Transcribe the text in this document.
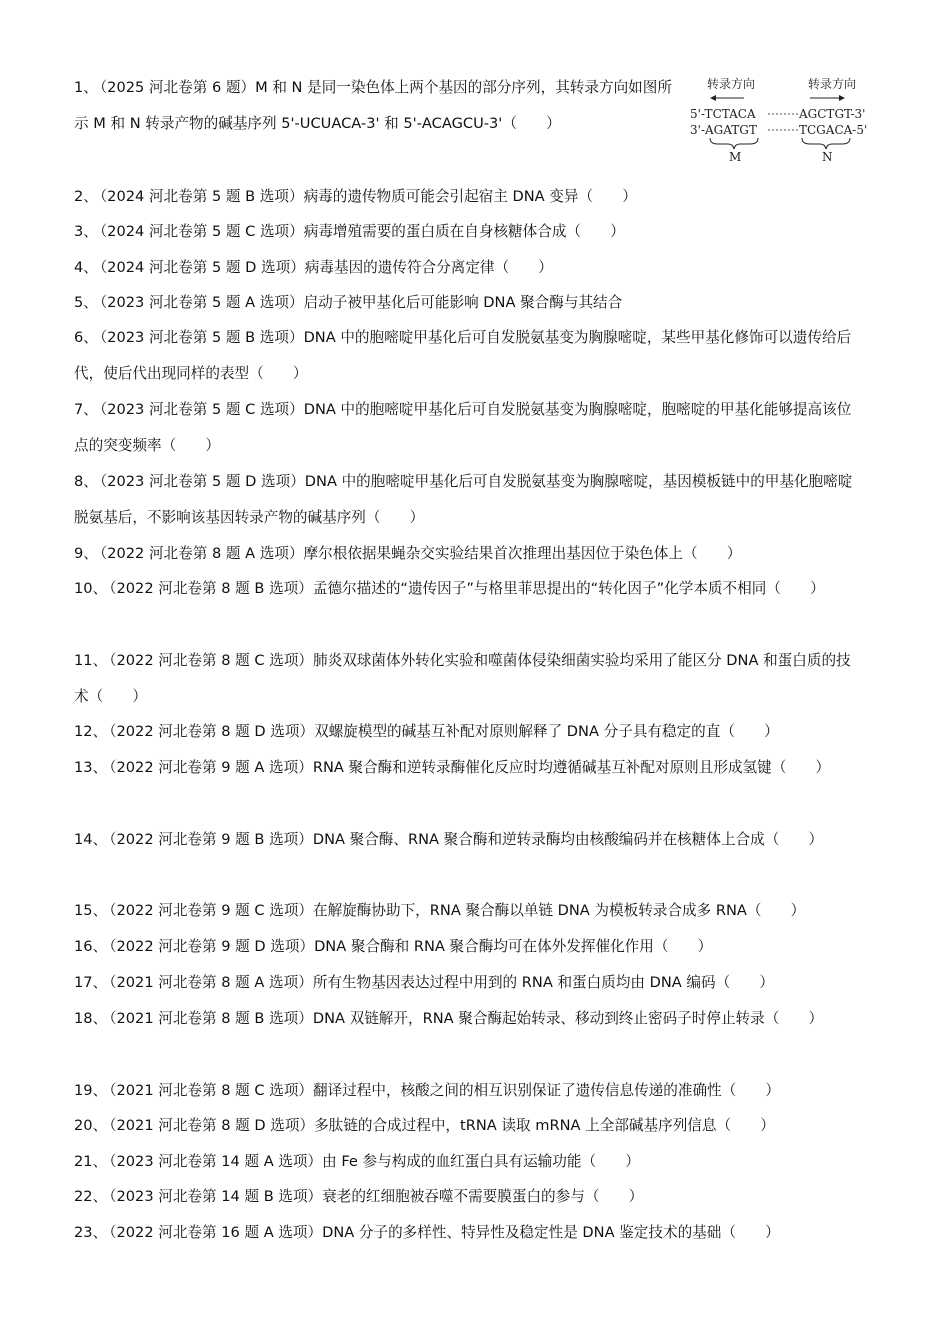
1、 （2025 河北卷第 6 题）M 和 N 是同一染色体上两个基因的部分序列，其转录方向如图所示 M 和 N 转录产物的碱基序列 5'-UCUACA-3' 和 5'-ACAGCU-3'（　　）
转录方向	转录方向
5'-TCTACA
3'-AGATGT
AGCTGT-3'
TCGACA-5'
M	N
2、 （2024 河北卷第 5 题 B 选项）病毒的遗传物质可能会引起宿主 DNA 变异（　　）
3、 （2024 河北卷第 5 题 C 选项）病毒增殖需要的蛋白质在自身核糖体合成（　　）
4、 （2024 河北卷第 5 题 D 选项）病毒基因的遗传符合分离定律（　　）
5、 （2023 河北卷第 5 题 A 选项）启动子被甲基化后可能影响 DNA 聚合酶与其结合
6、 （2023 河北卷第 5 题 B 选项）DNA 中的胞嘧啶甲基化后可自发脱氨基变为胸腺嘧啶，某些甲基化修饰可以遗传给后代，使后代出现同样的表型（　　）
7、 （2023 河北卷第 5 题 C 选项）DNA 中的胞嘧啶甲基化后可自发脱氨基变为胸腺嘧啶，胞嘧啶的甲基化能够提高该位点的突变频率（　　）
8、 （2023 河北卷第 5 题 D 选项）DNA 中的胞嘧啶甲基化后可自发脱氨基变为胸腺嘧啶，基因模板链中的甲基化胞嘧啶脱氨基后，不影响该基因转录产物的碱基序列（　　）
9、 （2022 河北卷第 8 题 A 选项）摩尔根依据果蝇杂交实验结果首次推理出基因位于染色体上（　　）
10、 （2022 河北卷第 8 题 B 选项）孟德尔描述的“遗传因子”与格里菲思提出的“转化因子”化学本质不相同（　　）
11、 （2022 河北卷第 8 题 C 选项）肺炎双球菌体外转化实验和噬菌体侵染细菌实验均采用了能区分 DNA 和蛋白质的技术（　　）
12、 （2022 河北卷第 8 题 D 选项）双螺旋模型的碱基互补配对原则解释了 DNA 分子具有稳定的直（　　）
13、 （2022 河北卷第 9 题 A 选项）RNA 聚合酶和逆转录酶催化反应时均遵循碱基互补配对原则且形成氢键（　　）
14、 （2022 河北卷第 9 题 B 选项）DNA 聚合酶、RNA 聚合酶和逆转录酶均由核酸编码并在核糖体上合成（　　）
15、 （2022 河北卷第 9 题 C 选项）在解旋酶协助下，RNA 聚合酶以单链 DNA 为模板转录合成多 RNA（　　）
16、 （2022 河北卷第 9 题 D 选项）DNA 聚合酶和 RNA 聚合酶均可在体外发挥催化作用（　　）
17、 （2021 河北卷第 8 题 A 选项）所有生物基因表达过程中用到的 RNA 和蛋白质均由 DNA 编码（　　）
18、 （2021 河北卷第 8 题 B 选项）DNA 双链解开，RNA 聚合酶起始转录、移动到终止密码子时停止转录（　　）
19、 （2021 河北卷第 8 题 C 选项）翻译过程中，核酸之间的相互识别保证了遗传信息传递的准确性（　　）
20、 （2021 河北卷第 8 题 D 选项）多肽链的合成过程中，tRNA 读取 mRNA 上全部碱基序列信息（　　）
21、 （2023 河北卷第 14 题 A 选项）由 Fe 参与构成的血红蛋白具有运输功能（　　）
22、 （2023 河北卷第 14 题 B 选项）衰老的红细胞被吞噬不需要膜蛋白的参与（　　）
23、 （2022 河北卷第 16 题 A 选项）DNA 分子的多样性、特异性及稳定性是 DNA 鉴定技术的基础（　　）
